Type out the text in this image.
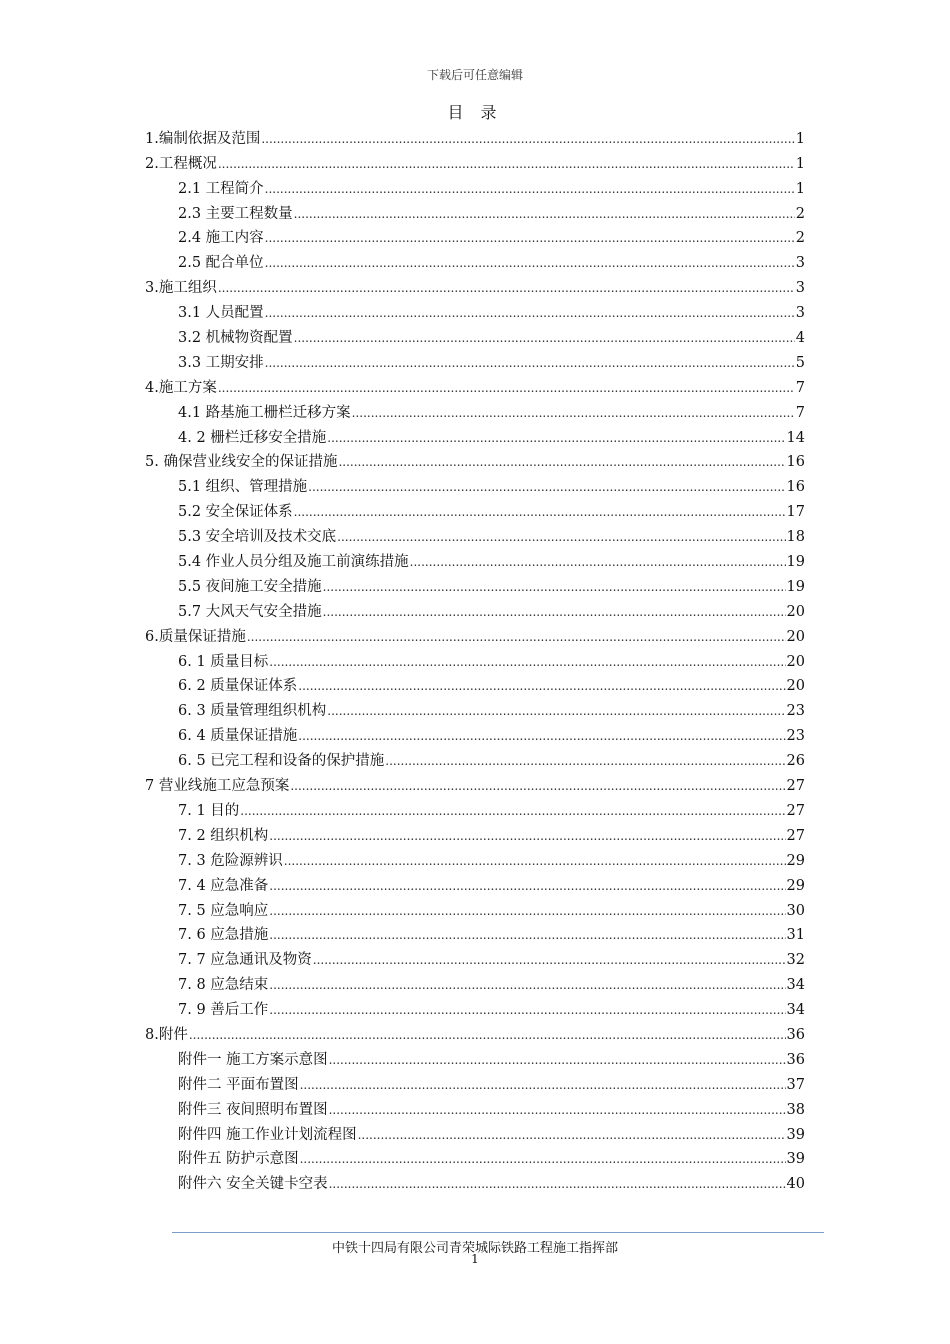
下载后可任意编辑
目 录
1.编制依据及范围 .....	1
2.工程概况 .....	1
2.1 工程简介 .....	1
2.3 主要工程数量 .....	2
2.4 施工内容 .....	2
2.5 配合单位 .....	3
3.施工组织 .....	3
3.1 人员配置 .....	3
3.2 机械物资配置 .....	4
3.3 工期安排 .....	5
4.施工方案 .....	7
4.1 路基施工栅栏迁移方案 .....	7
4. 2 栅栏迁移安全措施 .....	14
5. 确保营业线安全的保证措施 .....	16
5.1 组织、管理措施 .....	16
5.2 安全保证体系 .....	17
5.3 安全培训及技术交底 .....	18
5.4 作业人员分组及施工前演练措施 .....	19
5.5 夜间施工安全措施 .....	19
5.7 大风天气安全措施 .....	20
6.质量保证措施 .....	20
6. 1 质量目标 .....	20
6. 2 质量保证体系 .....	20
6. 3 质量管理组织机构 .....	23
6. 4 质量保证措施 .....	23
6. 5 已完工程和设备的保护措施 .....	26
7 营业线施工应急预案 .....	27
7. 1 目的 .....	27
7. 2 组织机构 .....	27
7. 3 危险源辨识 .....	29
7. 4 应急准备 .....	29
7. 5 应急响应 .....	30
7. 6 应急措施 .....	31
7. 7 应急通讯及物资 .....	32
7. 8 应急结束 .....	34
7. 9 善后工作 .....	34
8.附件 .....	36
附件一 施工方案示意图 .....	36
附件二 平面布置图 .....	37
附件三 夜间照明布置图 .....	38
附件四 施工作业计划流程图 .....	39
附件五 防护示意图 .....	39
附件六 安全关键卡空表 .....	40
中铁十四局有限公司青荣城际铁路工程施工指挥部
1
